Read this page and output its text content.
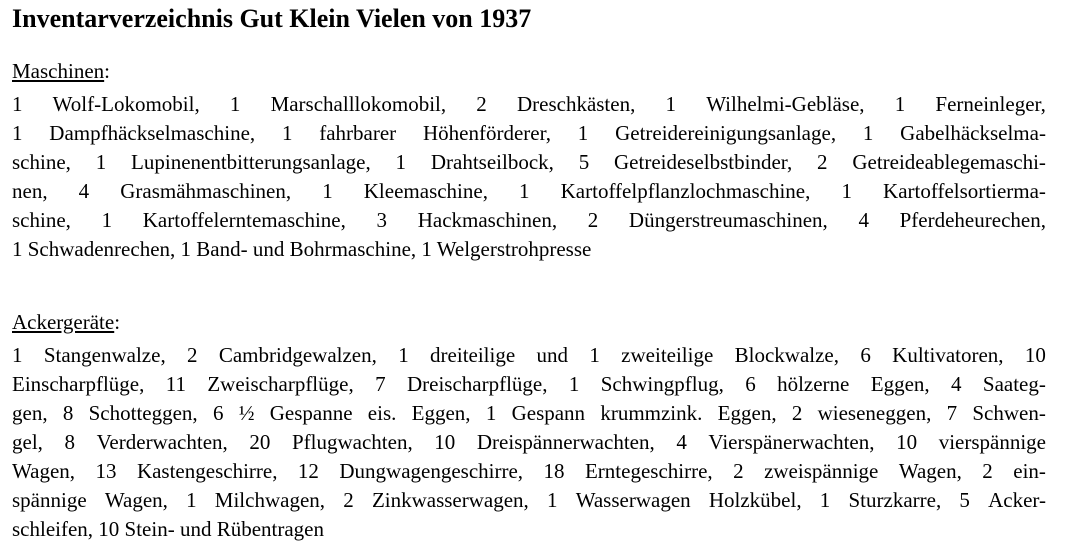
Inventarverzeichnis Gut Klein Vielen von 1937
Maschinen:
1 Wolf-Lokomobil, 1 Marschalllokomobil, 2 Dreschkästen, 1 Wilhelmi-Gebläse, 1 Ferneinleger,
1 Dampfhäckselmaschine, 1 fahrbarer Höhenförderer, 1 Getreidereinigungsanlage, 1 Gabelhäckselma-
schine, 1 Lupinenentbitterungsanlage, 1 Drahtseilbock, 5 Getreideselbstbinder, 2 Getreideablegemaschi-
nen, 4 Grasmähmaschinen, 1 Kleemaschine, 1 Kartoffelpflanzlochmaschine, 1 Kartoffelsortierma-
schine, 1 Kartoffelerntemaschine, 3 Hackmaschinen, 2 Düngerstreumaschinen, 4 Pferdeheurechen,
1 Schwadenrechen, 1 Band- und Bohrmaschine, 1 Welgerstrohpresse
Ackergeräte:
1 Stangenwalze, 2 Cambridgewalzen, 1 dreiteilige und 1 zweiteilige Blockwalze, 6 Kultivatoren, 10
Einscharpflüge, 11 Zweischarpflüge, 7 Dreischarpflüge, 1 Schwingpflug, 6 hölzerne Eggen, 4 Saateg-
gen, 8 Schotteggen, 6 ½ Gespanne eis. Eggen, 1 Gespann krummzink. Eggen, 2 wieseneggen, 7 Schwen-
gel, 8 Verderwachten, 20 Pflugwachten, 10 Dreispännerwachten, 4 Vierspänerwachten, 10 vierspännige
Wagen, 13 Kastengeschirre, 12 Dungwagengeschirre, 18 Erntegeschirre, 2 zweispännige Wagen, 2 ein-
spännige Wagen, 1 Milchwagen, 2 Zinkwasserwagen, 1 Wasserwagen Holzkübel, 1 Sturzkarre, 5 Acker-
schleifen, 10 Stein- und Rübentragen
